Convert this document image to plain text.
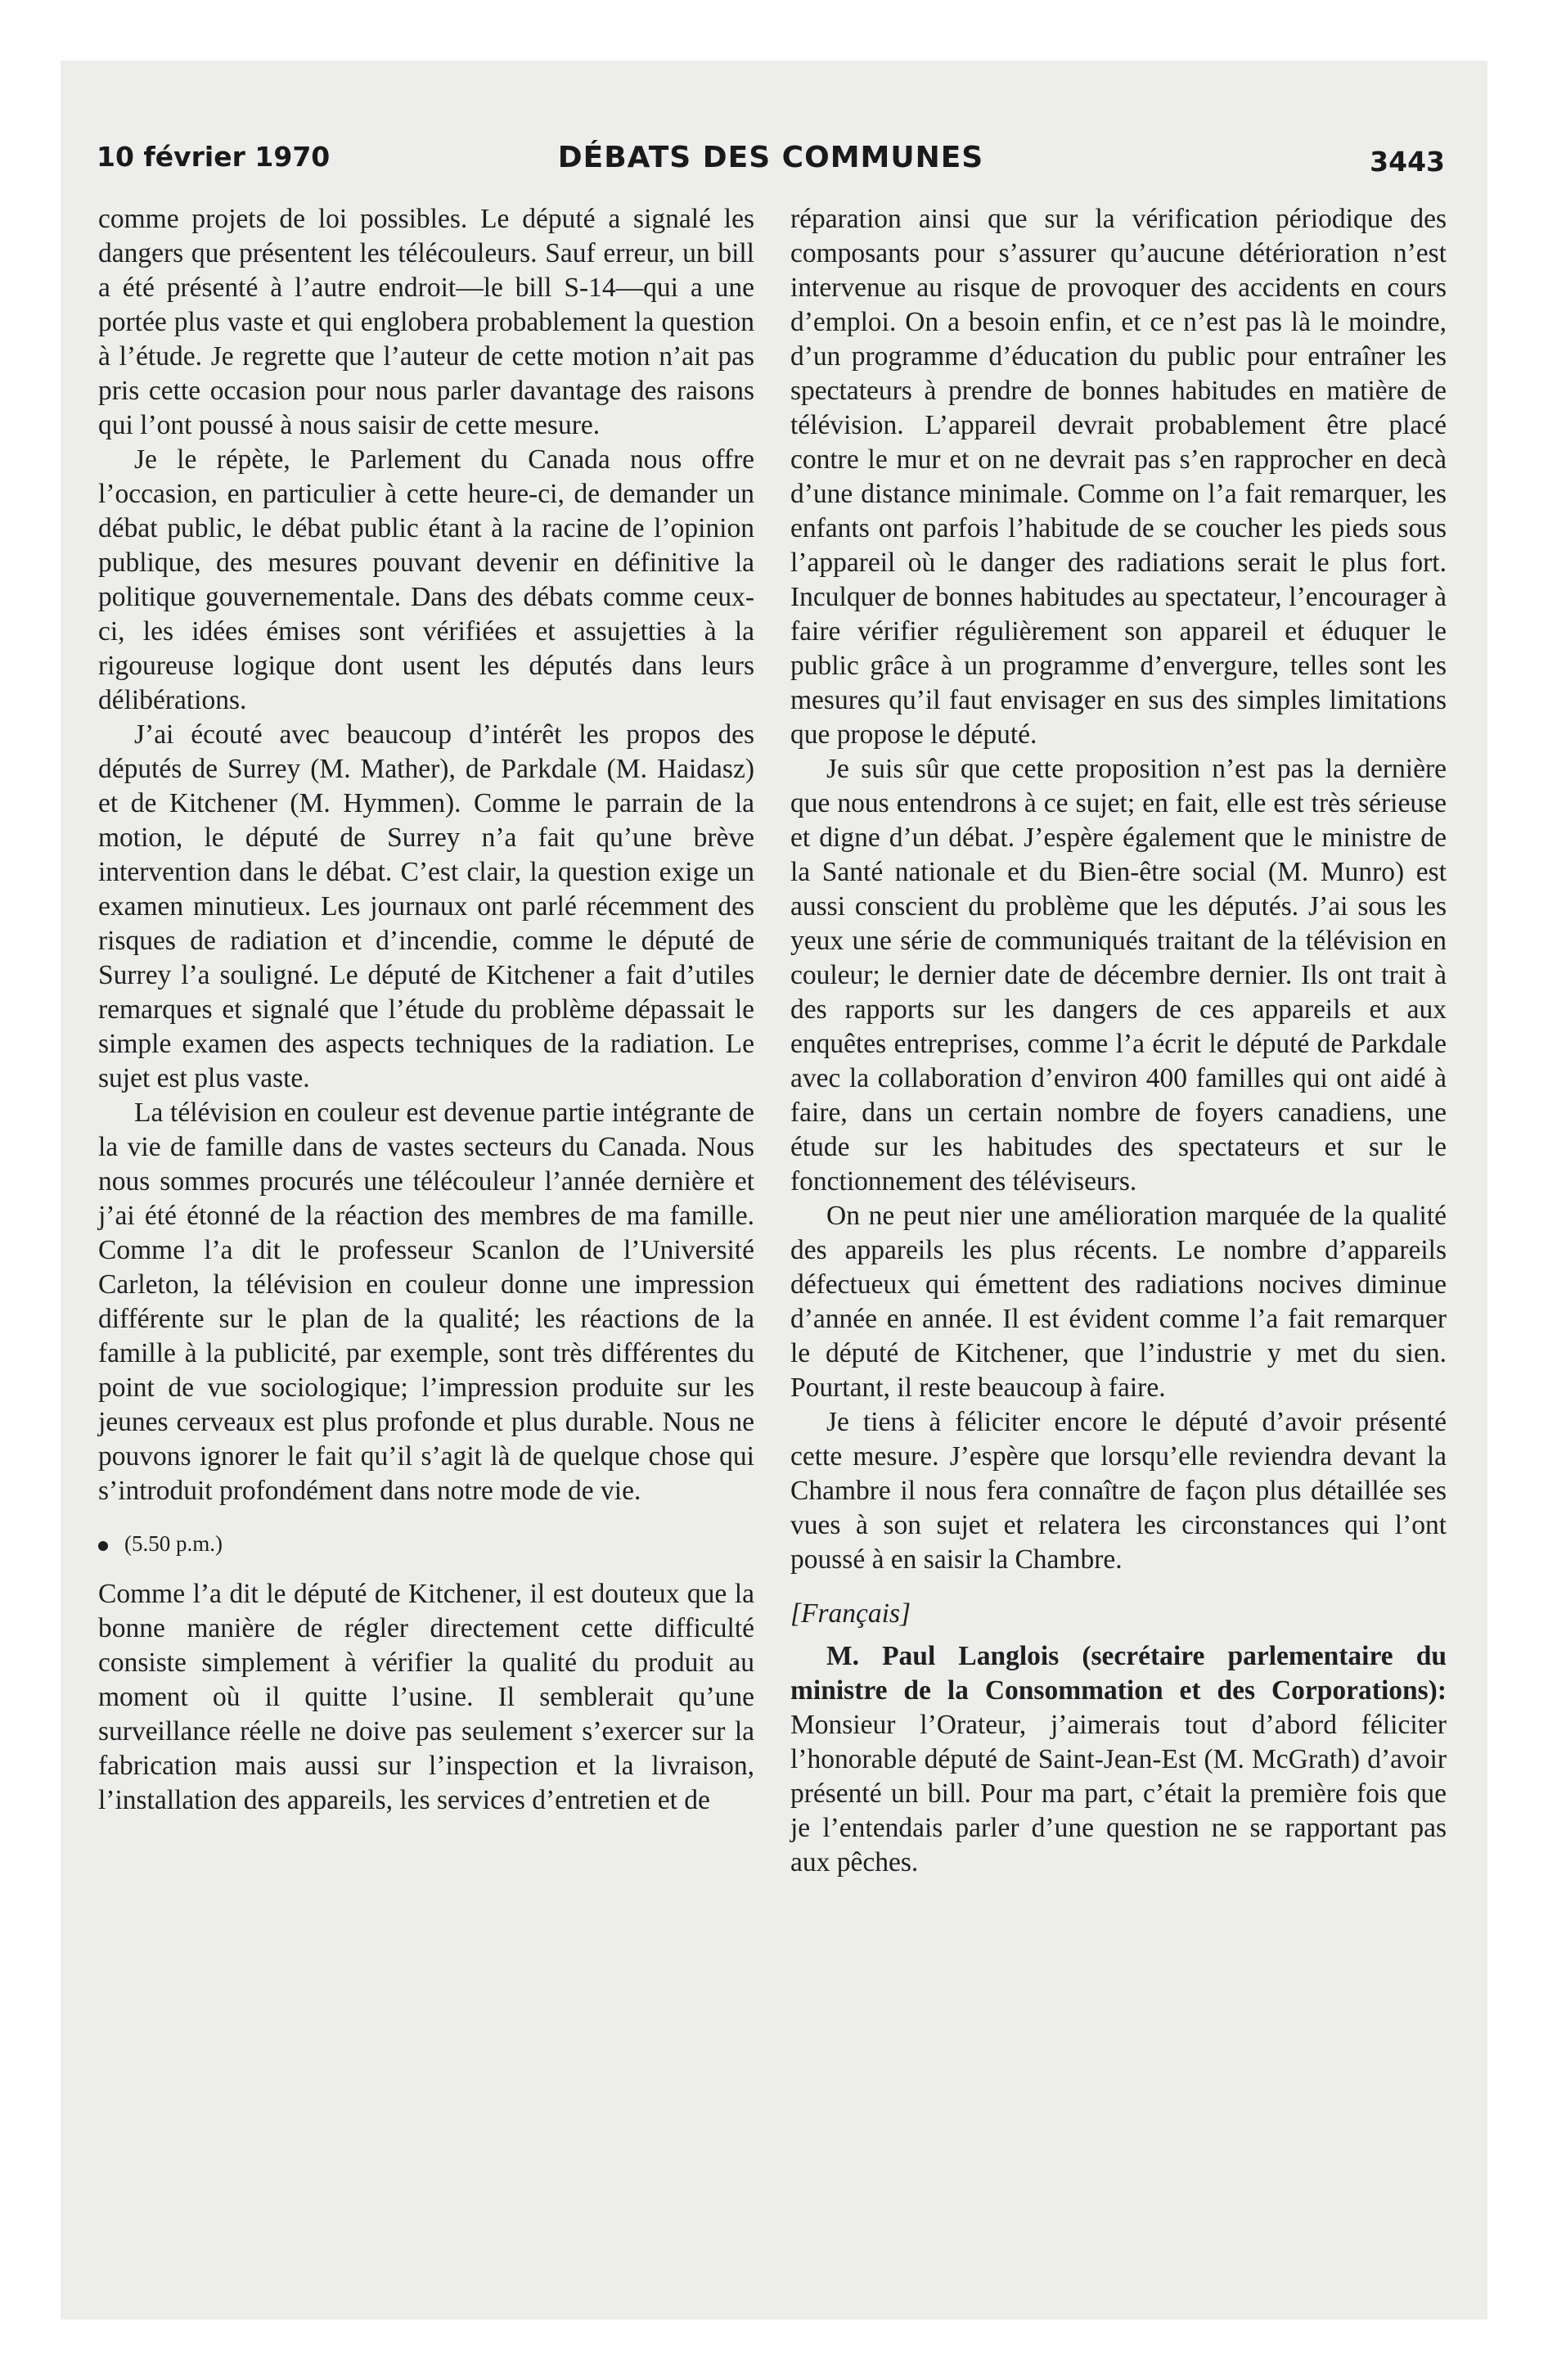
10 février 1970	DÉBATS DES COMMUNES	3443

comme projets de loi possibles. Le député a signalé les dangers que présentent les télécouleurs. Sauf erreur, un bill a été présenté à l’autre endroit—le bill S-14—qui a une portée plus vaste et qui englobera probablement la question à l’étude. Je regrette que l’auteur de cette motion n’ait pas pris cette occasion pour nous parler davantage des raisons qui l’ont poussé à nous saisir de cette mesure.

Je le répète, le Parlement du Canada nous offre l’occasion, en particulier à cette heure-ci, de demander un débat public, le débat public étant à la racine de l’opinion publique, des mesures pouvant devenir en définitive la politique gouvernementale. Dans des débats comme ceux-ci, les idées émises sont vérifiées et assujetties à la rigoureuse logique dont usent les députés dans leurs délibérations.

J’ai écouté avec beaucoup d’intérêt les propos des députés de Surrey (M. Mather), de Parkdale (M. Haidasz) et de Kitchener (M. Hymmen). Comme le parrain de la motion, le député de Surrey n’a fait qu’une brève intervention dans le débat. C’est clair, la question exige un examen minutieux. Les journaux ont parlé récemment des risques de radiation et d’incendie, comme le député de Surrey l’a souligné. Le député de Kitchener a fait d’utiles remarques et signalé que l’étude du problème dépassait le simple examen des aspects techniques de la radiation. Le sujet est plus vaste.

La télévision en couleur est devenue partie intégrante de la vie de famille dans de vastes secteurs du Canada. Nous nous sommes procurés une télécouleur l’année dernière et j’ai été étonné de la réaction des membres de ma famille. Comme l’a dit le professeur Scanlon de l’Université Carleton, la télévision en couleur donne une impression différente sur le plan de la qualité; les réactions de la famille à la publicité, par exemple, sont très différentes du point de vue sociologique; l’impression produite sur les jeunes cerveaux est plus profonde et plus durable. Nous ne pouvons ignorer le fait qu’il s’agit là de quelque chose qui s’introduit profondément dans notre mode de vie.

(5.50 p.m.)

Comme l’a dit le député de Kitchener, il est douteux que la bonne manière de régler directement cette difficulté consiste simplement à vérifier la qualité du produit au moment où il quitte l’usine. Il semblerait qu’une surveillance réelle ne doive pas seulement s’exercer sur la fabrication mais aussi sur l’inspection et la livraison, l’installation des appareils, les services d’entretien et de

réparation ainsi que sur la vérification périodique des composants pour s’assurer qu’aucune détérioration n’est intervenue au risque de provoquer des accidents en cours d’emploi. On a besoin enfin, et ce n’est pas là le moindre, d’un programme d’éducation du public pour entraîner les spectateurs à prendre de bonnes habitudes en matière de télévision. L’appareil devrait probablement être placé contre le mur et on ne devrait pas s’en rapprocher en decà d’une distance minimale. Comme on l’a fait remarquer, les enfants ont parfois l’habitude de se coucher les pieds sous l’appareil où le danger des radiations serait le plus fort. Inculquer de bonnes habitudes au spectateur, l’encourager à faire vérifier régulièrement son appareil et éduquer le public grâce à un programme d’envergure, telles sont les mesures qu’il faut envisager en sus des simples limitations que propose le député.

Je suis sûr que cette proposition n’est pas la dernière que nous entendrons à ce sujet; en fait, elle est très sérieuse et digne d’un débat. J’espère également que le ministre de la Santé nationale et du Bien-être social (M. Munro) est aussi conscient du problème que les députés. J’ai sous les yeux une série de communiqués traitant de la télévision en couleur; le dernier date de décembre dernier. Ils ont trait à des rapports sur les dangers de ces appareils et aux enquêtes entreprises, comme l’a écrit le député de Parkdale avec la collaboration d’environ 400 familles qui ont aidé à faire, dans un certain nombre de foyers canadiens, une étude sur les habitudes des spectateurs et sur le fonctionnement des téléviseurs.

On ne peut nier une amélioration marquée de la qualité des appareils les plus récents. Le nombre d’appareils défectueux qui émettent des radiations nocives diminue d’année en année. Il est évident comme l’a fait remarquer le député de Kitchener, que l’industrie y met du sien. Pourtant, il reste beaucoup à faire.

Je tiens à féliciter encore le député d’avoir présenté cette mesure. J’espère que lorsqu’elle reviendra devant la Chambre il nous fera connaître de façon plus détaillée ses vues à son sujet et relatera les circonstances qui l’ont poussé à en saisir la Chambre.

[Français]

M. Paul Langlois (secrétaire parlementaire du ministre de la Consommation et des Corporations): Monsieur l’Orateur, j’aimerais tout d’abord féliciter l’honorable député de Saint-Jean-Est (M. McGrath) d’avoir présenté un bill. Pour ma part, c’était la première fois que je l’entendais parler d’une question ne se rapportant pas aux pêches.
